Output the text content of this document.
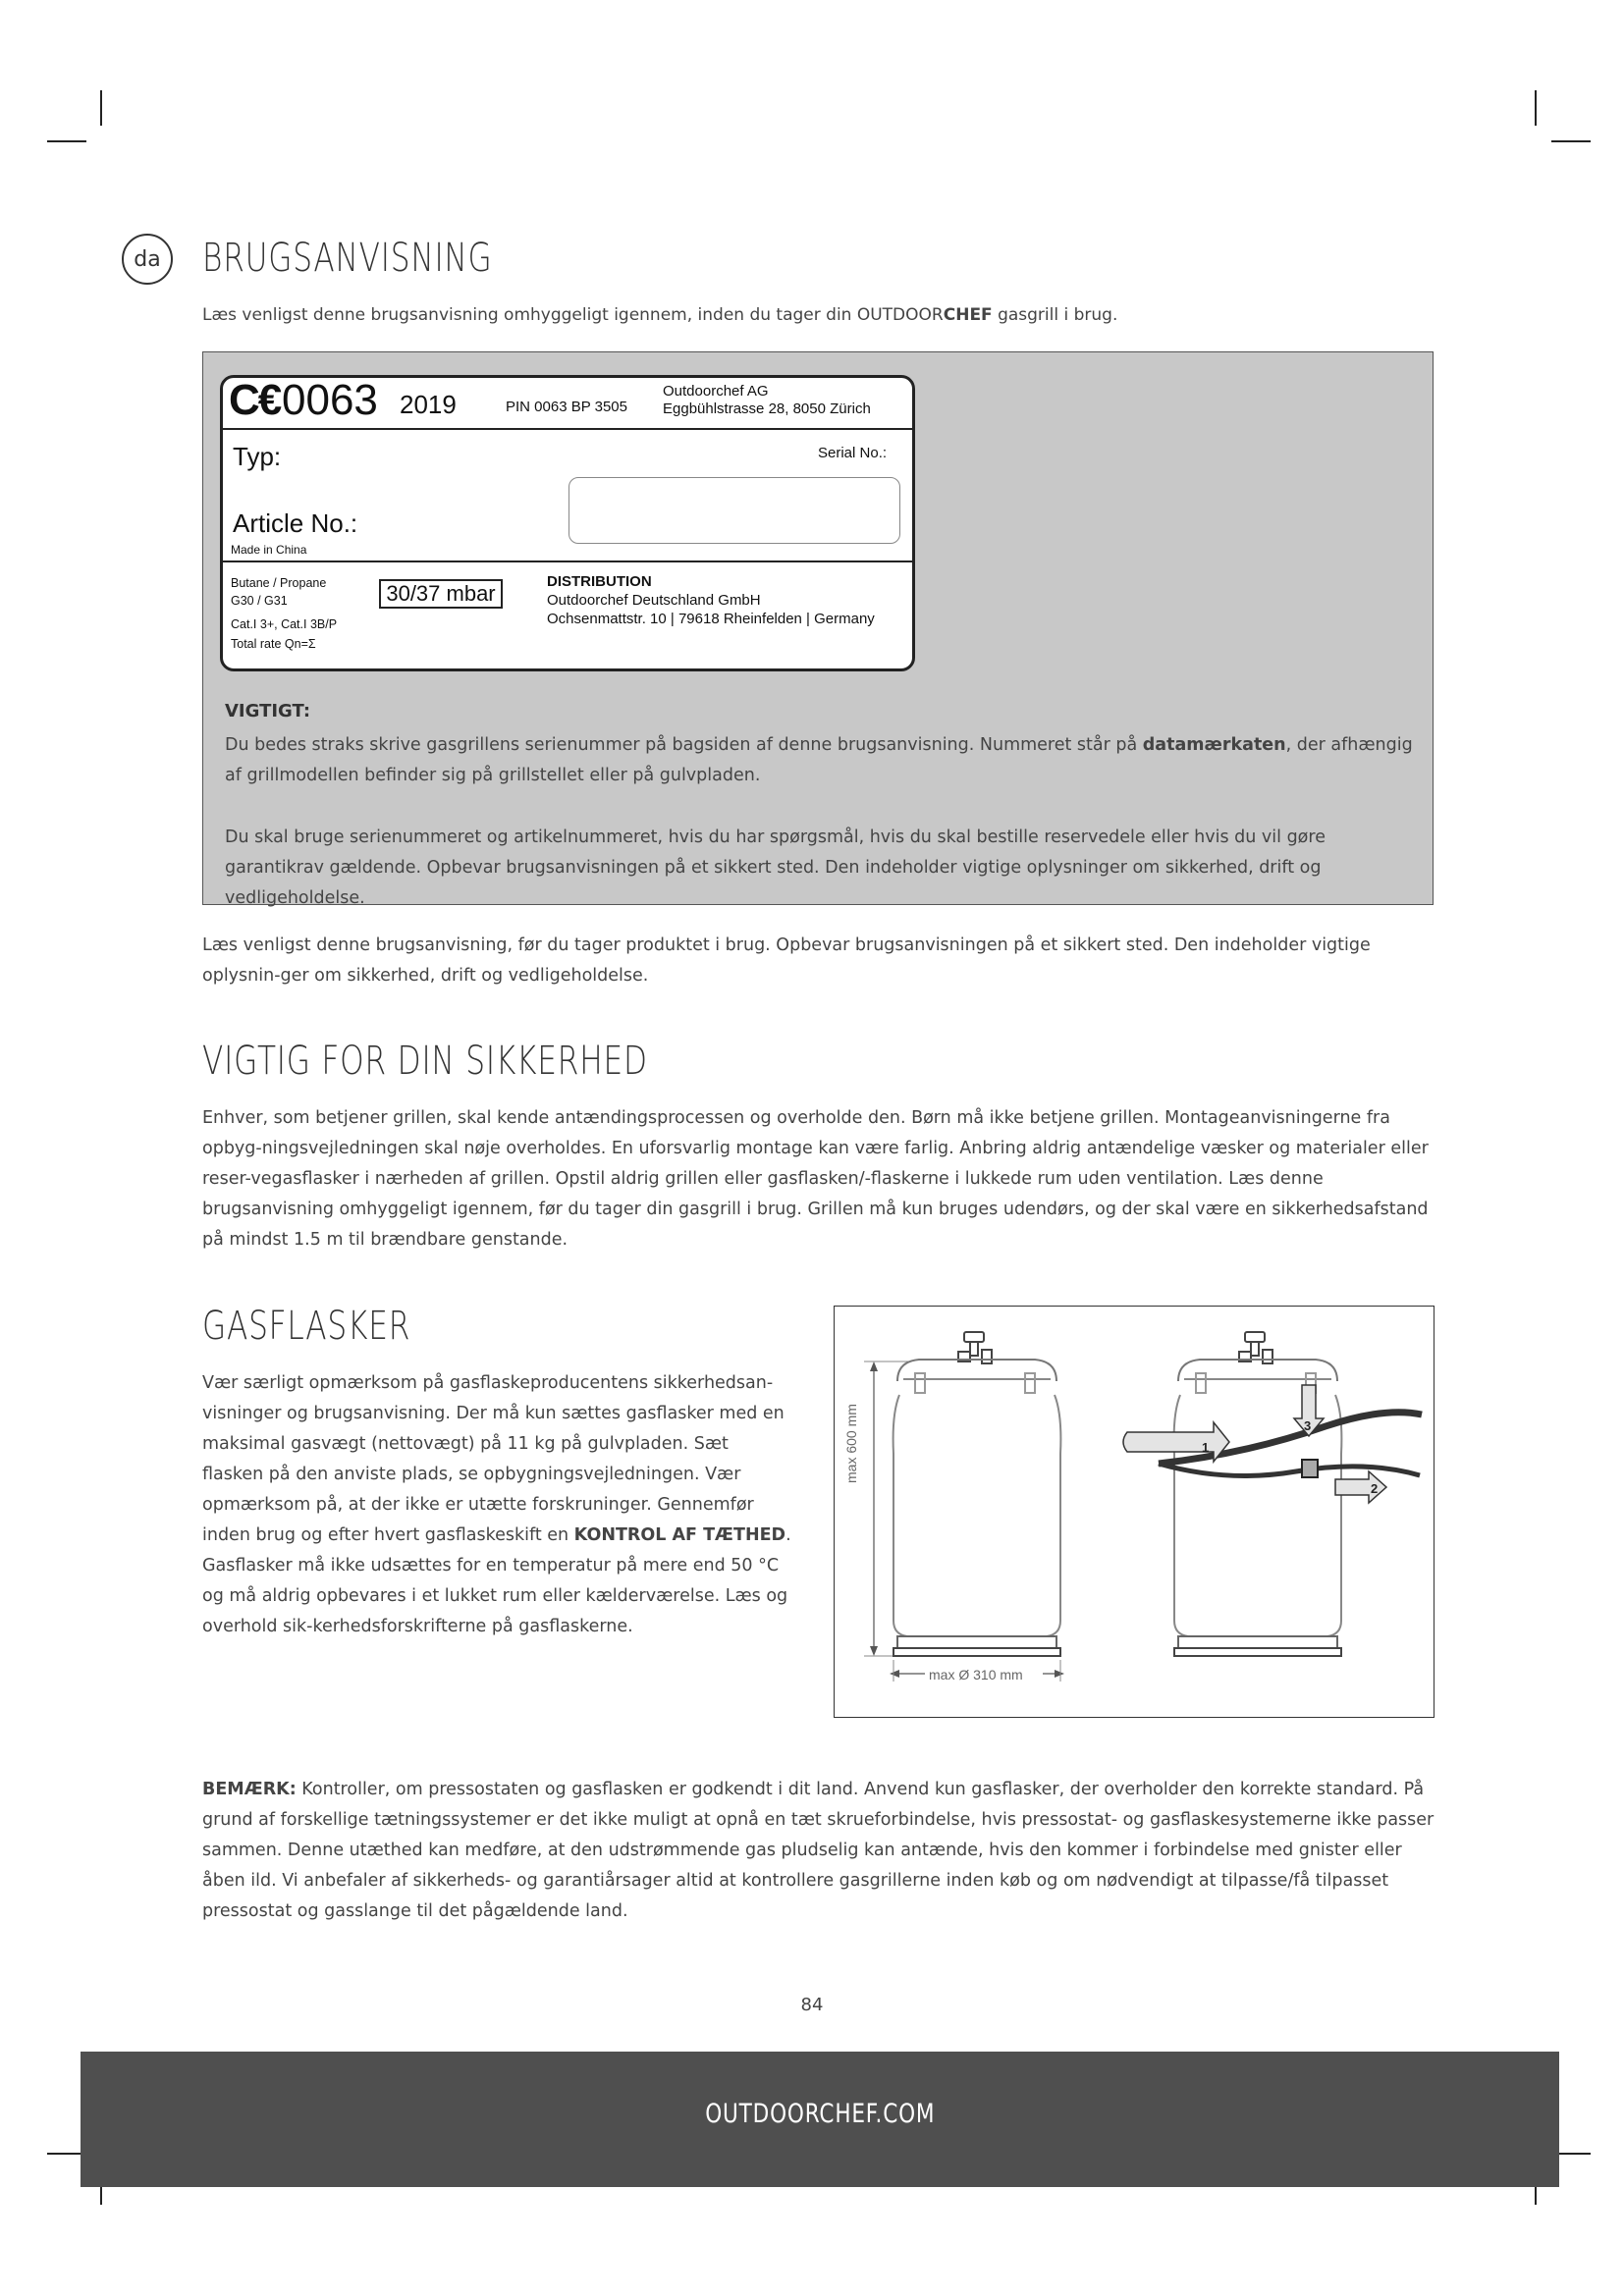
da	BRUGSANVISNING
Læs venligst denne brugsanvisning omhyggeligt igennem, inden du tager din OUTDOORCHEF gasgrill i brug.
C€ 0063 2019	PIN 0063 BP 3505
Outdoorchef AG
Eggbühlstrasse 28, 8050 Zürich
Typ:	Serial No.:
Article No.:
Made in China
Butane / Propane
G30 / G31
Cat.I 3+, Cat.I 3B/P
Total rate Qn=Σ
30/37 mbar	DISTRIBUTION
Outdoorchef Deutschland GmbH
Ochsenmattstr. 10 | 79618 Rheinfelden | Germany
VIGTIGT:
Du bedes straks skrive gasgrillens serienummer på bagsiden af denne brugsanvisning. Nummeret står på datamærkaten, der afhængig af grillmodellen befinder sig på grillstellet eller på gulvpladen.
Du skal bruge serienummeret og artikelnummeret, hvis du har spørgsmål, hvis du skal bestille reservedele eller hvis du vil gøre garantikrav gældende. Opbevar brugsanvisningen på et sikkert sted. Den indeholder vigtige oplysninger om sikkerhed, drift og vedligeholdelse.
Læs venligst denne brugsanvisning, før du tager produktet i brug. Opbevar brugsanvisningen på et sikkert sted. Den indeholder vigtige oplysnin-ger om sikkerhed, drift og vedligeholdelse.
VIGTIG FOR DIN SIKKERHED
Enhver, som betjener grillen, skal kende antændingsprocessen og overholde den. Børn må ikke betjene grillen. Montageanvisningerne fra opbyg-ningsvejledningen skal nøje overholdes. En uforsvarlig montage kan være farlig. Anbring aldrig antændelige væsker og materialer eller reser-vegasflasker i nærheden af grillen. Opstil aldrig grillen eller gasflasken/-flaskerne i lukkede rum uden ventilation. Læs denne brugsanvisning omhyggeligt igennem, før du tager din gasgrill i brug. Grillen må kun bruges udendørs, og der skal være en sikkerhedsafstand på mindst 1.5 m til brændbare genstande.
GASFLASKER
Vær særligt opmærksom på gasflaskeproducentens sikkerhedsan-visninger og brugsanvisning. Der må kun sættes gasflasker med en maksimal gasvægt (nettovægt) på 11 kg på gulvpladen. Sæt flasken på den anviste plads, se opbygningsvejledningen. Vær opmærksom på, at der ikke er utætte forskruninger. Gennemfør inden brug og efter hvert gasflaskeskift en KONTROL AF TÆTHED. Gasflasker må ikke udsættes for en temperatur på mere end 50 °C og må aldrig opbevares i et lukket rum eller kælderværelse. Læs og overhold sik-kerhedsforskrifterne på gasflaskerne.
max 600 mm
max Ø 310 mm
1
3
2
BEMÆRK: Kontroller, om pressostaten og gasflasken er godkendt i dit land. Anvend kun gasflasker, der overholder den korrekte standard. På grund af forskellige tætningssystemer er det ikke muligt at opnå en tæt skrueforbindelse, hvis pressostat- og gasflaskesystemerne ikke passer sammen. Denne utæthed kan medføre, at den udstrømmende gas pludselig kan antænde, hvis den kommer i forbindelse med gnister eller åben ild. Vi anbefaler af sikkerheds- og garantiårsager altid at kontrollere gasgrillerne inden køb og om nødvendigt at tilpasse/få tilpasset pressostat og gasslange til det pågældende land.
84
OUTDOORCHEF.COM
